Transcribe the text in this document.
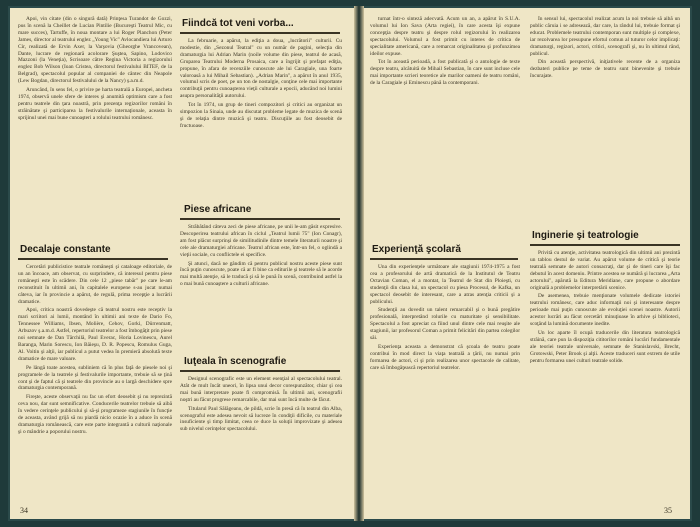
Apoi, vin citate (din o singură dată) Prinţesa Turandot de Gozzi, pus în scenă la Cheillet de Lucian Pintilie (Bucureşti Teatrul Mic, cu mare succes), Tartuffe, în noua montare a lui Roger Planchon (Peter James, director al teatrului englez „Young Vic" Avlocandiera lui Arturo Cir, realizată de Ervin Axer, la Varşovia (Gheorghe Vrancovean), Dante, lucrare de regionară acolorare Şuştea, Sapino, Lodovico Mazzoni (la Veneţia), Scrisoare către Regina Victoria a regizorului englez Bob Wilson (Ioan Cristea, directorul festivalului BITEF, de la Belgrad), spectacolul popular al companiei de cântec din Neapole (Lew Bogdan, directorul festivalului de la Nancy) ş.a.m.d.

Aruncând, în sens fel, o privire pe harta teatrală a Europei, ancheta 1974, observă unele sfere de interes şi anumită optimism care a fost pentru teatrele din ţara noastră, prin prezenţa regizorilor români în străinătate şi participarea la festivalurile internaţionale, aceasta în sprijinul unei mai bune cunoaşteri a rolului teatrului românesc.

Decalaje constante

Cercetări publicistice teatrale româneşti şi cataloage editoriale, de un an încoace, am observat, cu surprindere, că interesul pentru piese româneşti este în scădere. Din cele 12 „piese tabăr" pe care le-am reconstituit în ultimii ani, în capitalele europene s-au jucat numai câteva, iar în provincie a apărut, de regulă, prima recepţie a lucrării dramatice.

Apoi, critica noastră dovedeşte că teatrul nostru este receptiv la mari scriitori ai lumii, montând în ultimii ani texte de Dario Fo, Tennessee Williams, Ibsen, Molière, Cehov, Gorki, Dürrenmatt, Arbuzov ş.a.m.d. Astfel, repertoriul teatrelor a fost îmbogăţit prin piese noi semnate de Dan Tărchilă, Paul Everac, Horia Lovinescu, Aurel Baranga, Marin Sorescu, Ion Băieşu, D. R. Popescu, Romulus Guga, Al. Voitin şi alţii, iar publicul a putut vedea în premieră absolută texte dramatice de mare valoare.

Pe lângă toate acestea, subliniem că în plus faţă de piesele noi şi programele de la teatrele şi festivalurile importante, trebuie să se ţină cont şi de faptul că şi teatrele din provincie au o largă deschidere spre dramaturgia contemporană.

Fireşte, aceste observaţii nu fac un efort deosebit şi nu reprezintă ceva nou, dar sunt semnificative. Conducerile teatrelor trebuie să aibă în vedere cerinţele publicului şi să-şi programeze stagiunile în funcţie de aceasta, având grijă să nu piardă nicio ocazie în a aduce în scenă dramaturgia românească, care este parte integrantă a culturii naţionale şi o mândrie a poporului nostru.

Fiindcă tot veni vorba...

La februarie, a apărut, la ediţia a doua, „lucrătorii" culturii. Cu modestie, din „Sezonul Teatral" cu un număr de pagini, selecţia din dramaturgia lui Adrian Marin (noile volume din piese, teatrul de acasă, Gruparea Teatrului Moderna Prosaica, care a îngrijit şi prefaţat ediţia, propune, în afara de recenziile cunoscute ale lui Caragiale, una foarte valoroasă a lui Mihail Sebastian). „Adrian Marin", a apărut în anul 1935, volumul scris de poet, pe un ton de nostalgie, conţine cele mai importante contribuţii pentru cunoaşterea vieţii culturale a epocii, aducând noi lumini asupra personalităţii autorului.

Tot în 1974, un grup de tineri compozitori şi critici au organizat un simpozion la Sinaia, unde au discutat probleme legate de muzica de scenă şi de relaţia dintre muzică şi teatru. Discuţiile au fost deosebit de fructuoase.

Piese africane

Străbătând câteva zeci de piese africane, pe unii le-am găsit expresive. Descoperirea teatrului african în ciclul „Teatrul lumii 75" (Ion Conagr), am fost plăcut surprinşi de similitudinile dintre temele literaturii noastre şi cele ale dramaturgiei africane. Teatrul african este, într-un fel, o oglindă a vieţii sociale, cu conflictele ei specifice.

Şi atunci, dacă ne gândim că pentru publicul nostru aceste piese sunt încă puţin cunoscute, poate că ar fi bine ca editurile şi teatrele să le acorde mai multă atenţie, să le traducă şi să le pună în scenă, contribuind astfel la o mai bună cunoaştere a culturii africane.

Iuţeala în scenografie

Designul scenografic este un element esenţial al spectacolului teatral. Atât de mult încât uneori, în lipsa unui decor corespunzător, chiar şi cea mai bună interpretare poate fi compromisă. În ultimii ani, scenografii noştri au făcut progrese remarcabile, dar mai sunt încă multe de făcut.

Titularul Paul Sălăgeanu, de pildă, scrie în presă că în teatrul din Alba, scenograful este adesea nevoit să lucreze în condiţii dificile, cu materiale insuficiente şi timp limitat, ceea ce duce la soluţii improvizate şi adesea sub nivelul cerinţelor spectacolului.

34

turnat într-o sinteză adecvată. Acum un an, a apărut în S.U.A. volumul lui Ion Sava (Arta regiei), în care acesta îşi expune concepţia despre teatru şi despre rolul regizorului în realizarea spectacolului. Volumul a fost primit cu interes de critica de specialitate americană, care a remarcat originalitatea şi profunzimea ideilor expuse.

Tot în această perioadă, a fost publicată şi o antologie de texte despre teatru, alcătuită de Mihail Sebastian, în care sunt incluse cele mai importante scrieri teoretice ale marilor oameni de teatru români, de la Caragiale şi Eminescu până la contemporani.

Experienţă şcolară

Una din experienţele următoare ale stagiunii 1974-1975 a fost cea a profesorului de artă dramatică de la Institutul de Teatru Octavian Coman, el a montat, la Teatrul de Stat din Ploieşti, cu studenţii din clasa lui, un spectacol cu piesa Procesul, de Kafka, un spectacol deosebit de interesant, care a atras atenţia criticii şi a publicului.

Studenţii au dovedit un talent remarcabil şi o bună pregătire profesională, interpretând rolurile cu maturitate şi sensibilitate. Spectacolul a fost apreciat ca fiind unul dintre cele mai reuşite ale stagiunii, iar profesorul Coman a primit felicitări din partea colegilor săi.

Experienţa aceasta a demonstrat că şcoala de teatru poate contribui în mod direct la viaţa teatrală a ţării, nu numai prin formarea de actori, ci şi prin realizarea unor spectacole de calitate, care să îmbogăţească repertoriul teatrelor.

În sensul lui, spectacolul realizat acum la noi trebuie să aibă un public căruia i se adresează, dar care, la rândul lui, trebuie format şi educat. Problemele teatrului contemporan sunt multiple şi complexe, iar rezolvarea lor presupune efortul comun al tuturor celor implicaţi: dramaturgi, regizori, actori, critici, scenografi şi, nu în ultimul rând, publicul.

Din această perspectivă, iniţiativele recente de a organiza dezbateri publice pe teme de teatru sunt binevenite şi trebuie încurajate.

Inginerie şi teatrologie

Privită cu atenţie, activitatea teatrologică din ultimii ani prezintă un tablou destul de variat. Au apărut volume de critică şi teorie teatrală semnate de autori consacraţi, dar şi de tineri care îşi fac debutul în acest domeniu. Printre acestea se numără şi lucrarea „Arta actorului", apărută la Editura Meridiane, care propune o abordare originală a problemelor interpretării scenice.

De asemenea, trebuie menţionate volumele dedicate istoriei teatrului românesc, care aduc informaţii noi şi interesante despre perioade mai puţin cunoscute ale evoluţiei scenei noastre. Autorii acestor lucrări au făcut cercetări minuţioase în arhive şi biblioteci, scoţând la lumină documente inedite.

Un loc aparte îl ocupă traducerile din literatura teatrologică străină, care pun la dispoziţia cititorilor români lucrări fundamentale ale teoriei teatrale universale, semnate de Stanislavski, Brecht, Grotowski, Peter Brook şi alţii. Aceste traduceri sunt extrem de utile pentru formarea unei culturi teatrale solide.

35
